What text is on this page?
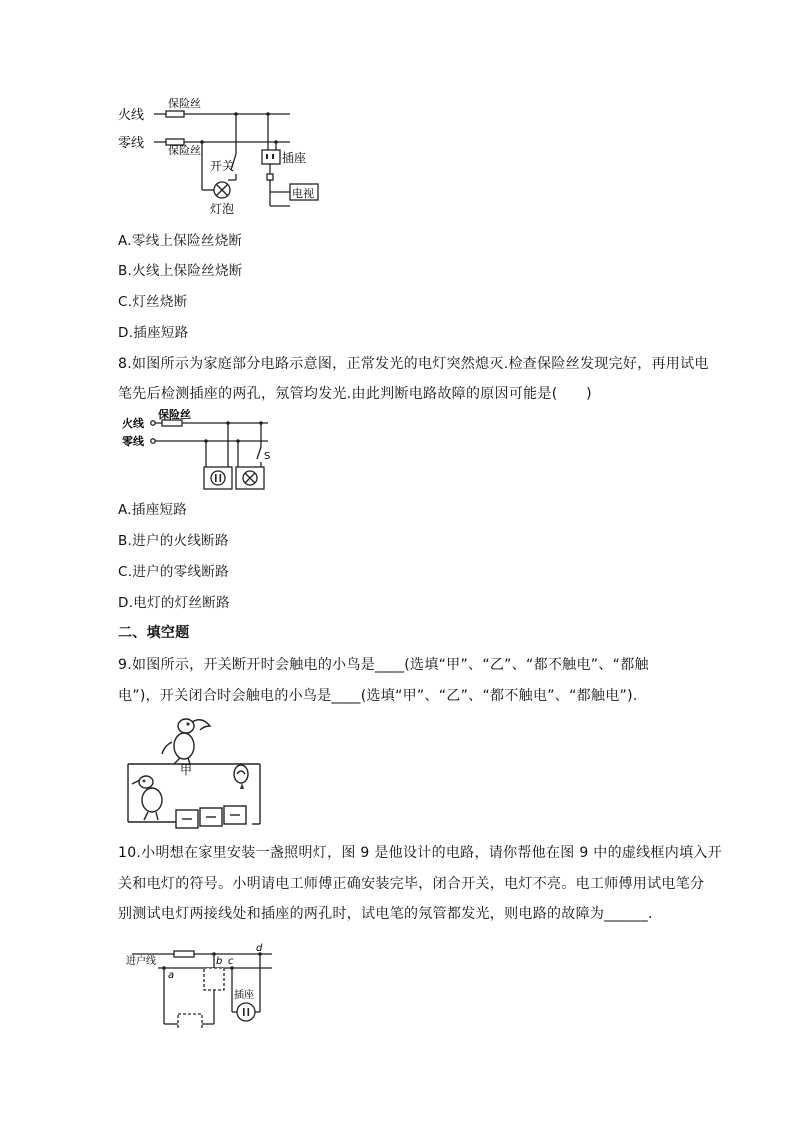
火线
零线
保险丝
保险丝
开关
插座
灯泡
电视
A.零线上保险丝烧断
B.火线上保险丝烧断
C.灯丝烧断
D.插座短路
8.如图所示为家庭部分电路示意图，正常发光的电灯突然熄灭.检查保险丝发现完好，再用试电
笔先后检测插座的两孔，氖管均发光.由此判断电路故障的原因可能是(　　)
火线
零线
保险丝
S
A.插座短路
B.进户的火线断路
C.进户的零线断路
D.电灯的灯丝断路
二、填空题
9.如图所示，开关断开时会触电的小鸟是____(选填“甲”、“乙”、“都不触电”、“都触
电”)，开关闭合时会触电的小鸟是____(选填“甲”、“乙”、“都不触电”、“都触电”).
甲
10.小明想在家里安装一盏照明灯，图 9 是他设计的电路，请你帮他在图 9 中的虚线框内填入开
关和电灯的符号。小明请电工师傅正确安装完毕，闭合开关，电灯不亮。电工师傅用试电笔分
别测试电灯两接线处和插座的两孔时，试电笔的氖管都发光，则电路的故障为______.
进户线
a
b c
d
插座
